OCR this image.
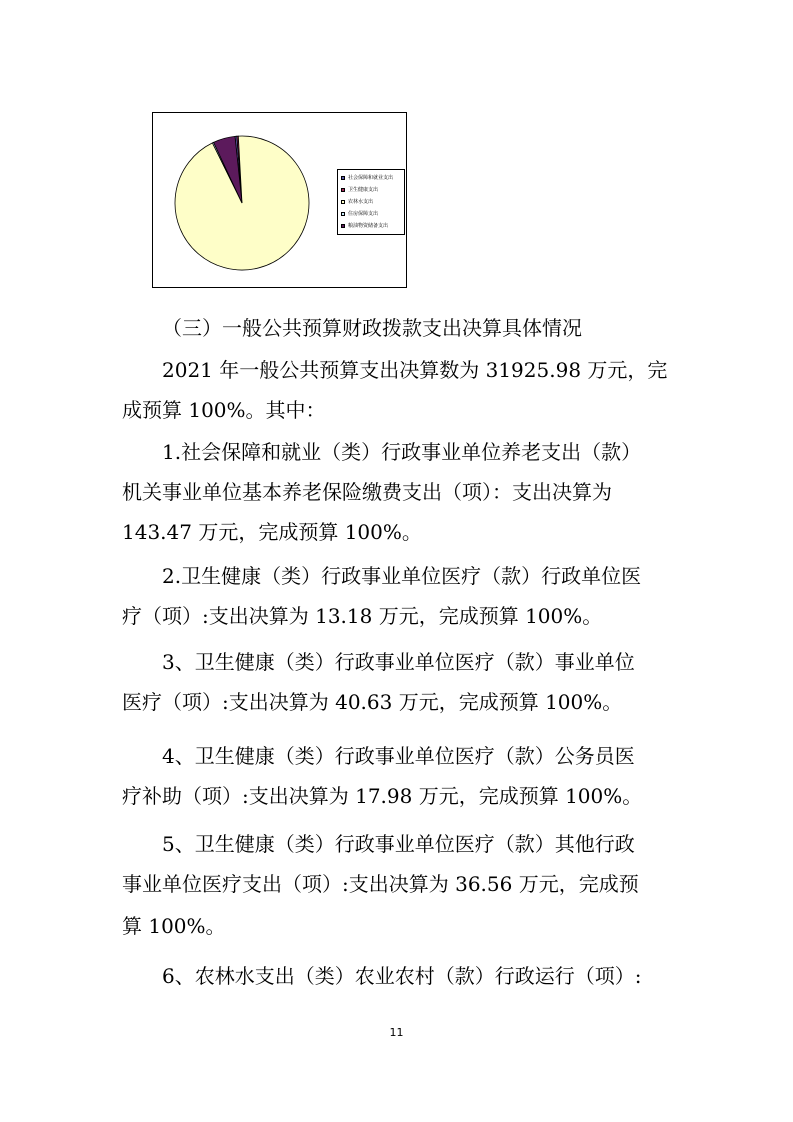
社会保障和就业支出
卫生健康支出
农林水支出
住房保障支出
粮油物资储备支出
（三）一般公共预算财政拨款支出决算具体情况
2021 年一般公共预算支出决算数为 31925.98 万元，完
成预算 100%。其中：
1.社会保障和就业（类）行政事业单位养老支出（款）
机关事业单位基本养老保险缴费支出（项）：支出决算为
143.47 万元，完成预算 100%。
2.卫生健康（类）行政事业单位医疗（款）行政单位医
疗（项）:支出决算为 13.18 万元，完成预算 100%。
3、卫生健康（类）行政事业单位医疗（款）事业单位
医疗（项）:支出决算为 40.63 万元，完成预算 100%。
4、卫生健康（类）行政事业单位医疗（款）公务员医
疗补助（项）:支出决算为 17.98 万元，完成预算 100%。
5、卫生健康（类）行政事业单位医疗（款）其他行政
事业单位医疗支出（项）:支出决算为 36.56 万元，完成预
算 100%。
6、农林水支出（类）农业农村（款）行政运行（项）:
11
